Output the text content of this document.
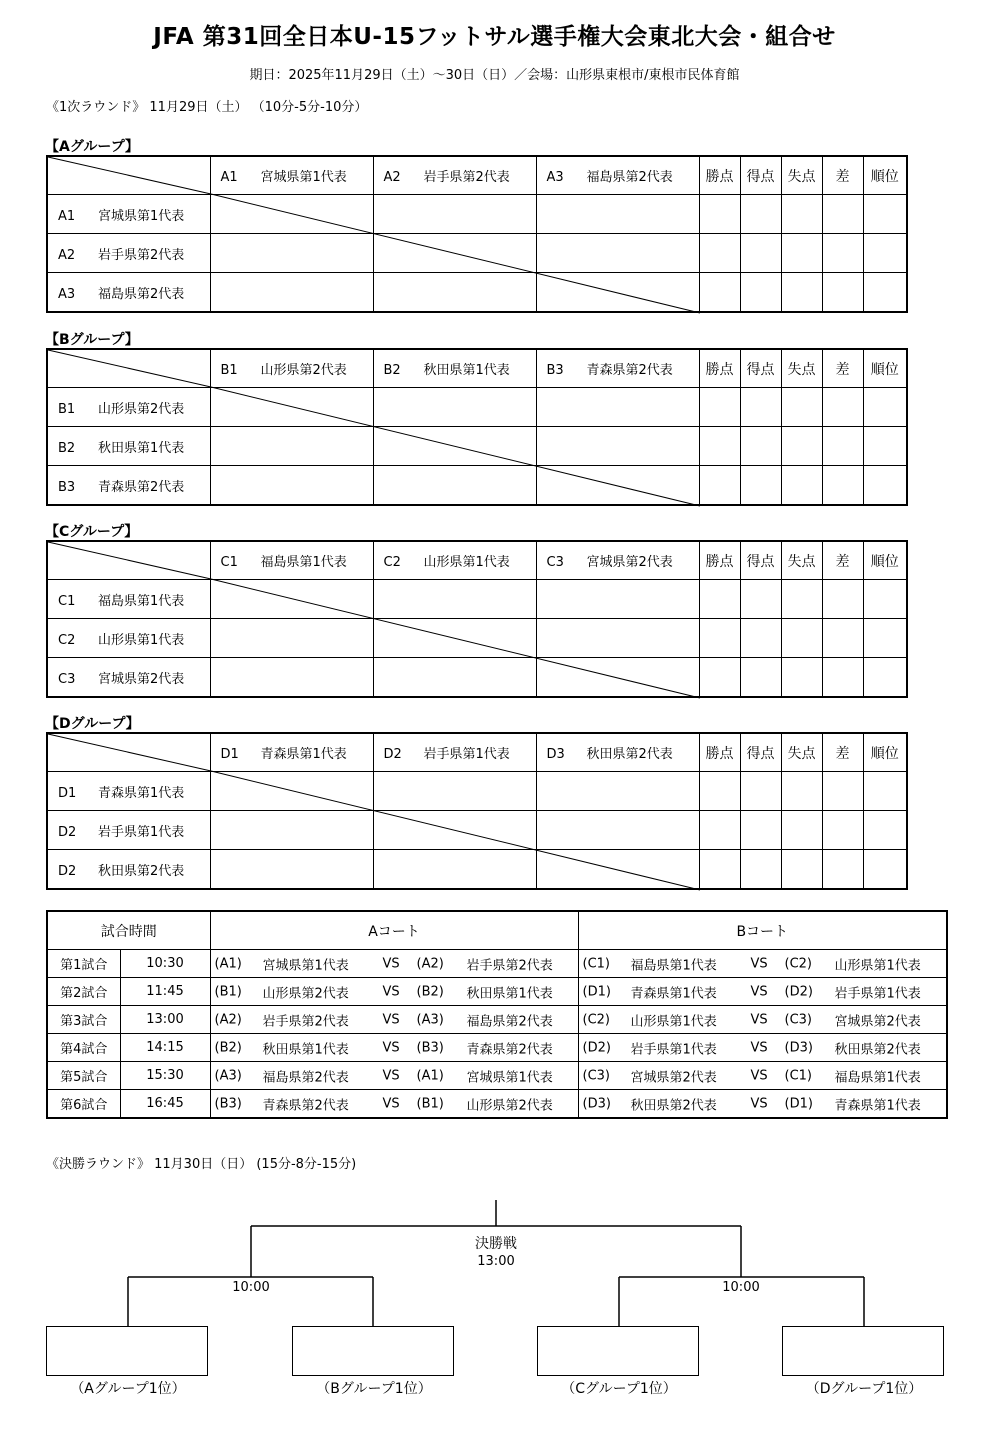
JFA 第31回全日本U-15フットサル選手権大会東北大会・組合せ
期日：2025年11月29日（土）〜30日（日）／会場：山形県東根市/東根市民体育館
《1次ラウンド》 11月29日（土） （10分-5分-10分）
【Aグループ】
	A1 宮城県第1代表	A2 岩手県第2代表	A3 福島県第2代表	勝点	得点	失点	差	順位
A1 宮城県第1代表								
A2 岩手県第2代表								
A3 福島県第2代表								
【Bグループ】
	B1 山形県第2代表	B2 秋田県第1代表	B3 青森県第2代表	勝点	得点	失点	差	順位
B1 山形県第2代表								
B2 秋田県第1代表								
B3 青森県第2代表								
【Cグループ】
	C1 福島県第1代表	C2 山形県第1代表	C3 宮城県第2代表	勝点	得点	失点	差	順位
C1 福島県第1代表								
C2 山形県第1代表								
C3 宮城県第2代表								
【Dグループ】
	D1 青森県第1代表	D2 岩手県第1代表	D3 秋田県第2代表	勝点	得点	失点	差	順位
D1 青森県第1代表								
D2 岩手県第1代表								
D2 秋田県第2代表								
試合時間		Aコート	Bコート
第1試合	10:30	(A1) 宮城県第1代表 VS (A2) 岩手県第2代表	(C1) 福島県第1代表 VS (C2) 山形県第1代表

第2試合	11:45	(B1) 山形県第2代表 VS (B2) 秋田県第1代表	(D1) 青森県第1代表 VS (D2) 岩手県第1代表

第3試合	13:00	(A2) 岩手県第2代表 VS (A3) 福島県第2代表	(C2) 山形県第1代表 VS (C3) 宮城県第2代表

第4試合	14:15	(B2) 秋田県第1代表 VS (B3) 青森県第2代表	(D2) 岩手県第1代表 VS (D3) 秋田県第2代表

第5試合	15:30	(A3) 福島県第2代表 VS (A1) 宮城県第1代表	(C3) 宮城県第2代表 VS (C1) 福島県第1代表

第6試合	16:45	(B3) 青森県第2代表 VS (B1) 山形県第2代表	(D3) 秋田県第2代表 VS (D1) 青森県第1代表
《決勝ラウンド》 11月30日（日） (15分-8分-15分)
決勝戦
13:00
10:00	10:00
（Aグループ1位）	（Bグループ1位）	（Cグループ1位）	（Dグループ1位）
